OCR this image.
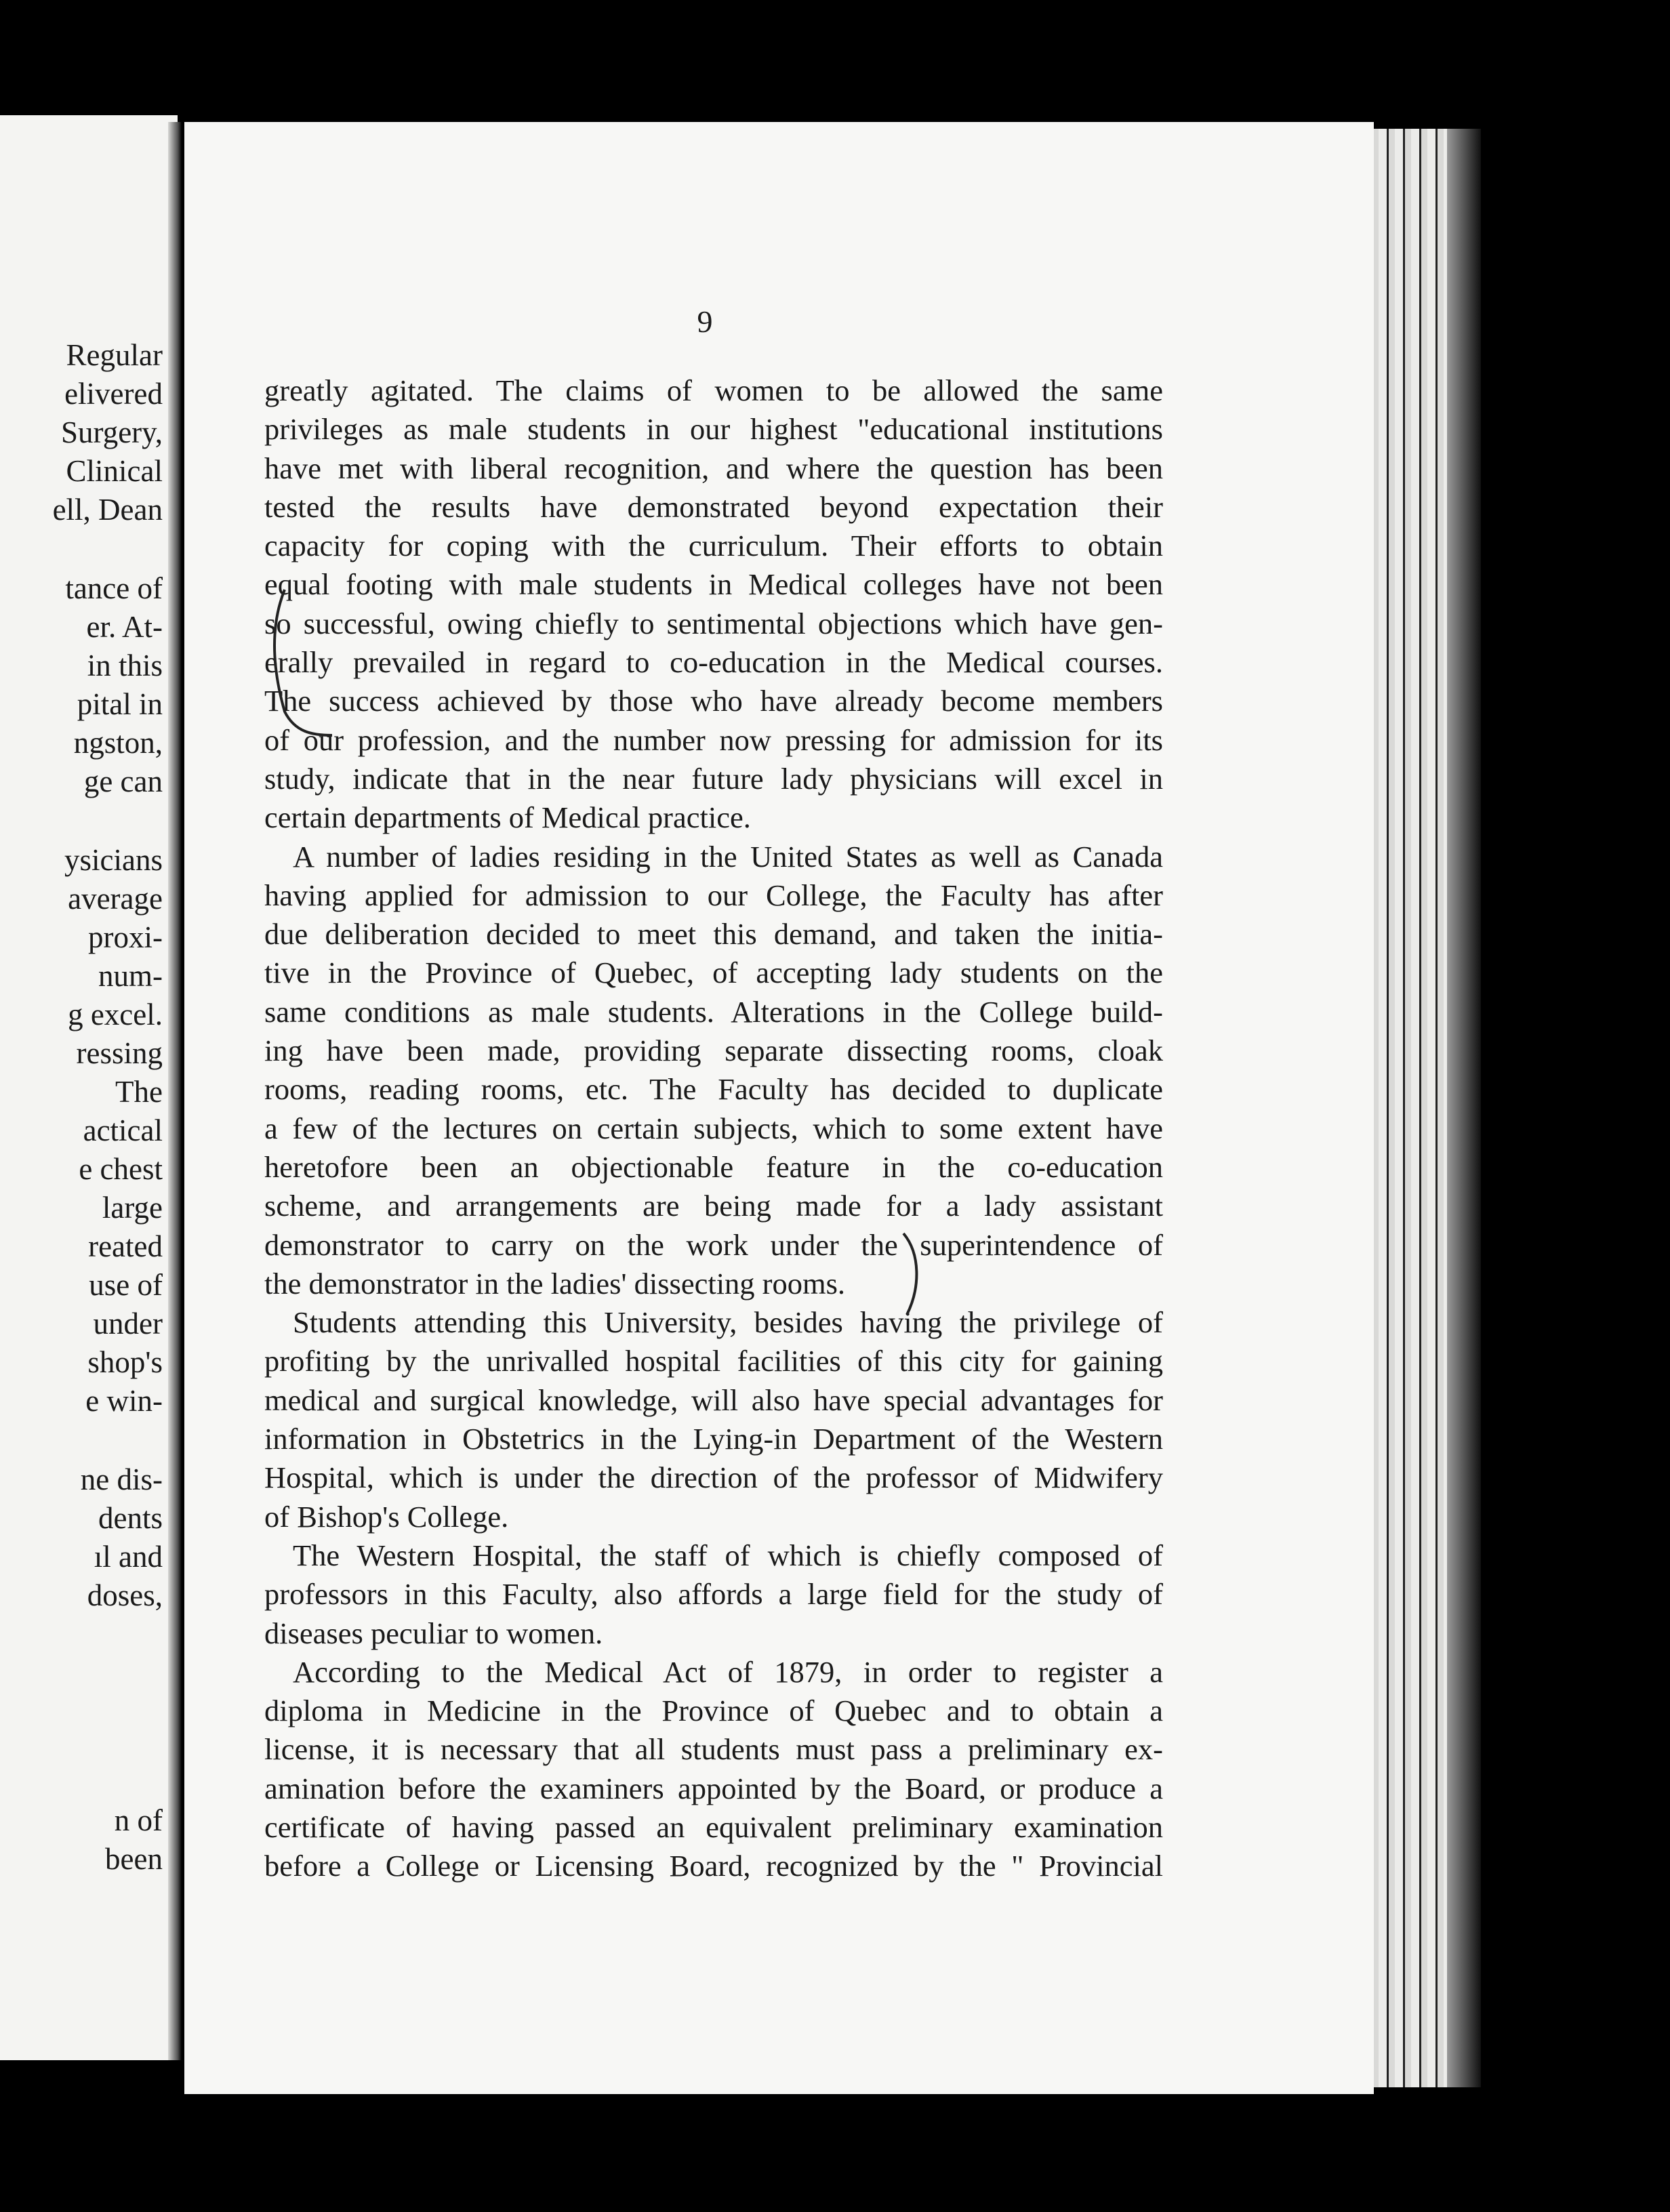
Regular
elivered
Surgery,
Clinical
ell, Dean
tance of
er. At-
in this
pital in
ngston,
ge can
ysicians
average
proxi-
num-
g excel.
ressing
The
actical
e chest
large
reated
use of
under
shop's
e win-
ne dis-
dents
ıl and
doses,
n of
been
9
greatly agitated. The claims of women to be allowed the same
privileges as male students in our highest "educational institutions
have met with liberal recognition, and where the question has been
tested the results have demonstrated beyond expectation their
capacity for coping with the curriculum. Their efforts to obtain
equal footing with male students in Medical colleges have not been
so successful, owing chiefly to sentimental objections which have gen-
erally prevailed in regard to co-education in the Medical courses.
The success achieved by those who have already become members
of our profession, and the number now pressing for admission for its
study, indicate that in the near future lady physicians will excel in
certain departments of Medical practice.
A number of ladies residing in the United States as well as Canada
having applied for admission to our College, the Faculty has after
due deliberation decided to meet this demand, and taken the initia-
tive in the Province of Quebec, of accepting lady students on the
same conditions as male students. Alterations in the College build-
ing have been made, providing separate dissecting rooms, cloak
rooms, reading rooms, etc. The Faculty has decided to duplicate
a few of the lectures on certain subjects, which to some extent have
heretofore been an objectionable feature in the co-education
scheme, and arrangements are being made for a lady assistant
demonstrator to carry on the work under the superintendence of
the demonstrator in the ladies' dissecting rooms.
Students attending this University, besides having the privilege of
profiting by the unrivalled hospital facilities of this city for gaining
medical and surgical knowledge, will also have special advantages for
information in Obstetrics in the Lying-in Department of the Western
Hospital, which is under the direction of the professor of Midwifery
of Bishop's College.
The Western Hospital, the staff of which is chiefly composed of
professors in this Faculty, also affords a large field for the study of
diseases peculiar to women.
According to the Medical Act of 1879, in order to register a
diploma in Medicine in the Province of Quebec and to obtain a
license, it is necessary that all students must pass a preliminary ex-
amination before the examiners appointed by the Board, or produce a
certificate of having passed an equivalent preliminary examination
before a College or Licensing Board, recognized by the " Provincial
